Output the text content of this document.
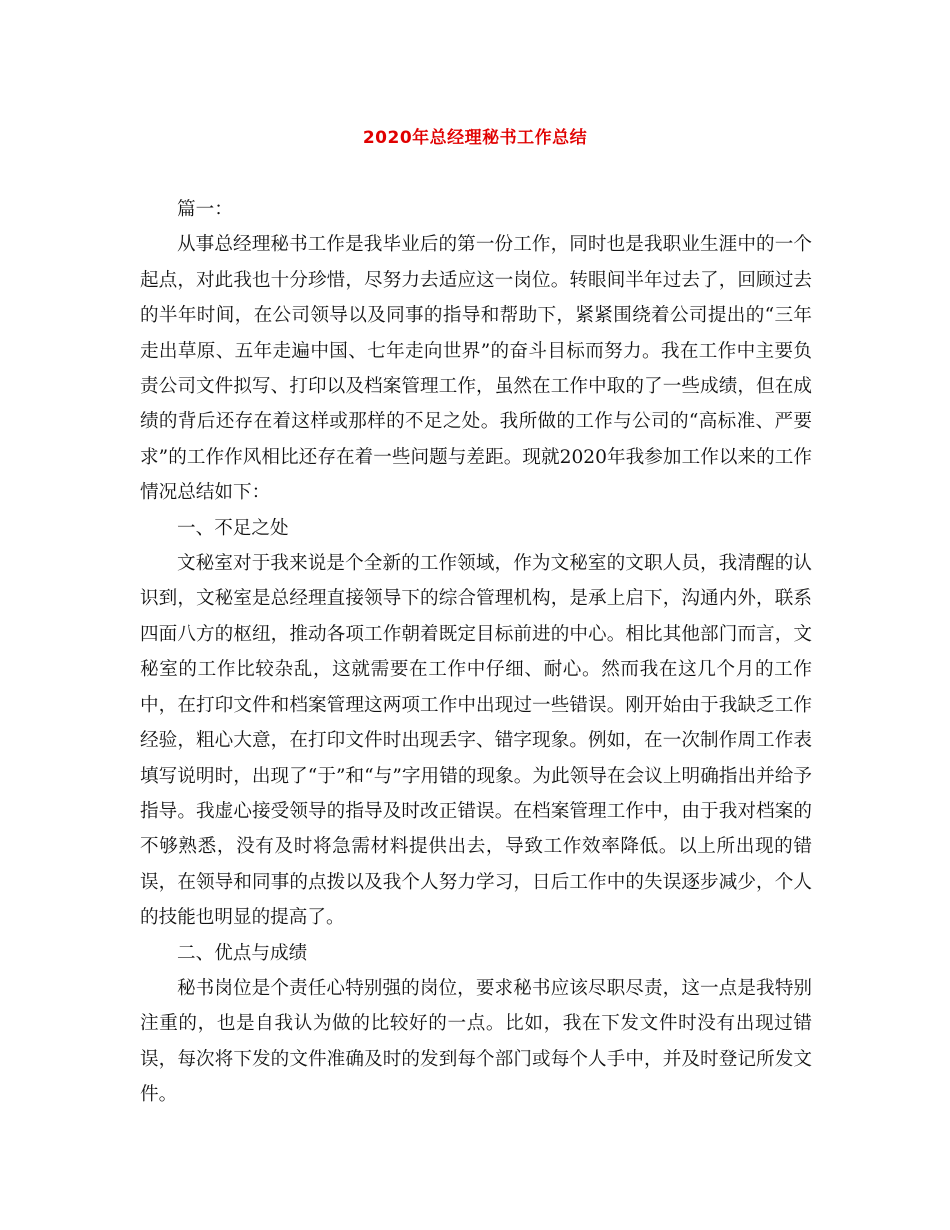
2020年总经理秘书工作总结

篇一：

从事总经理秘书工作是我毕业后的第一份工作，同时也是我职业生涯中的一个起点，对此我也十分珍惜，尽努力去适应这一岗位。转眼间半年过去了，回顾过去的半年时间，在公司领导以及同事的指导和帮助下，紧紧围绕着公司提出的“三年走出草原、五年走遍中国、七年走向世界”的奋斗目标而努力。我在工作中主要负责公司文件拟写、打印以及档案管理工作，虽然在工作中取的了一些成绩，但在成绩的背后还存在着这样或那样的不足之处。我所做的工作与公司的“高标准、严要求”的工作作风相比还存在着一些问题与差距。现就2020年我参加工作以来的工作情况总结如下：

一、不足之处

文秘室对于我来说是个全新的工作领域，作为文秘室的文职人员，我清醒的认识到，文秘室是总经理直接领导下的综合管理机构，是承上启下，沟通内外，联系四面八方的枢纽，推动各项工作朝着既定目标前进的中心。相比其他部门而言，文秘室的工作比较杂乱，这就需要在工作中仔细、耐心。然而我在这几个月的工作中，在打印文件和档案管理这两项工作中出现过一些错误。刚开始由于我缺乏工作经验，粗心大意，在打印文件时出现丢字、错字现象。例如，在一次制作周工作表填写说明时，出现了“于”和“与”字用错的现象。为此领导在会议上明确指出并给予指导。我虚心接受领导的指导及时改正错误。在档案管理工作中，由于我对档案的不够熟悉，没有及时将急需材料提供出去，导致工作效率降低。以上所出现的错误，在领导和同事的点拨以及我个人努力学习，日后工作中的失误逐步减少，个人的技能也明显的提高了。

二、优点与成绩

秘书岗位是个责任心特别强的岗位，要求秘书应该尽职尽责，这一点是我特别注重的，也是自我认为做的比较好的一点。比如，我在下发文件时没有出现过错误，每次将下发的文件准确及时的发到每个部门或每个人手中，并及时登记所发文件。
